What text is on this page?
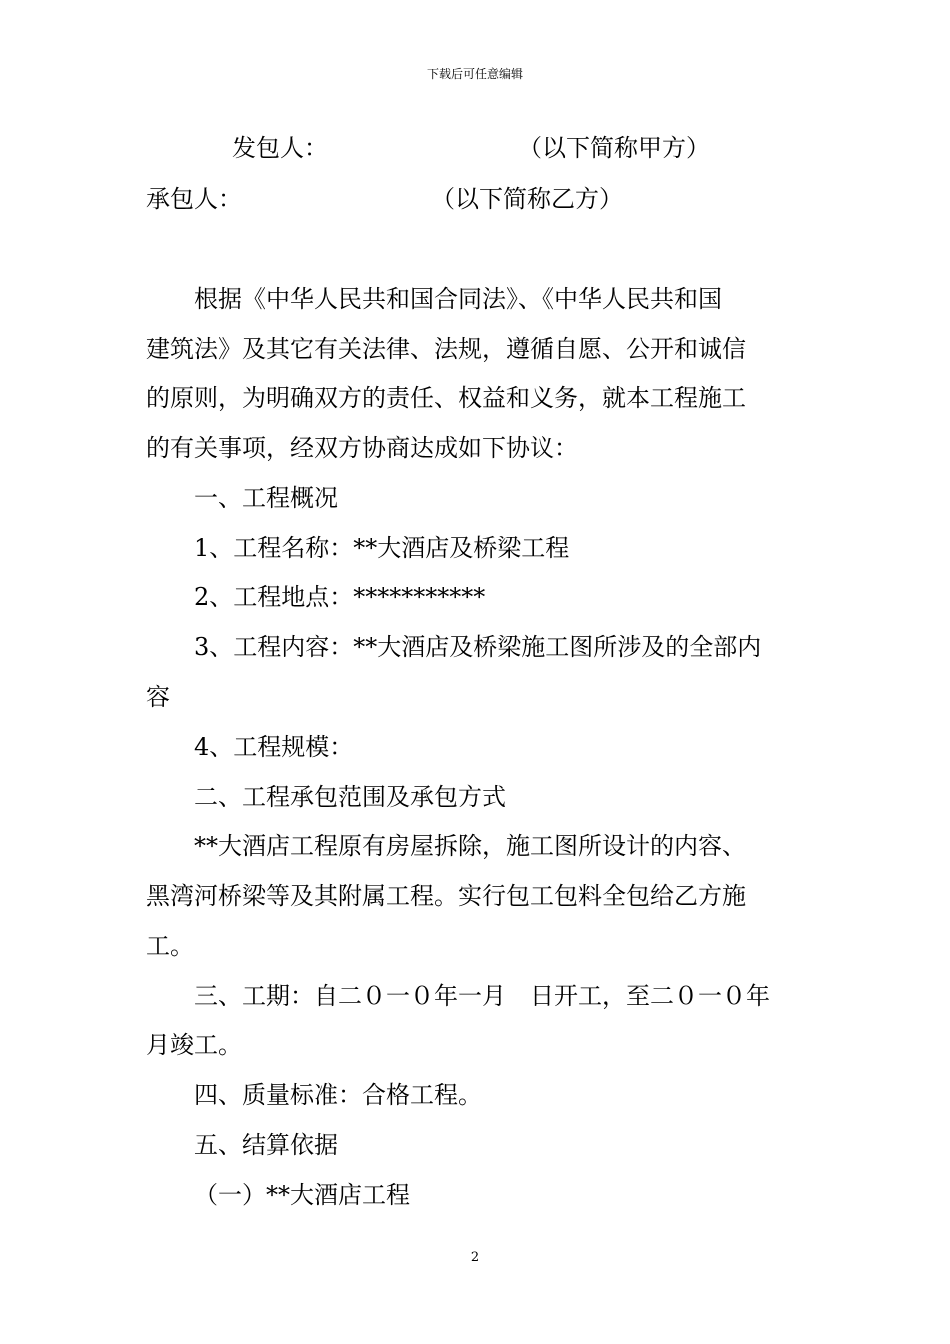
下载后可任意编辑
发包人：	（以下简称甲方）
承包人：	（以下简称乙方）
根据《中华人民共和国合同法》、《中华人民共和国
建筑法》及其它有关法律、法规，遵循自愿、公开和诚信
的原则，为明确双方的责任、权益和义务，就本工程施工
的有关事项，经双方协商达成如下协议：
一、工程概况
1、工程名称：**大酒店及桥梁工程
2、工程地点：***********
3、工程内容：**大酒店及桥梁施工图所涉及的全部内
容
4、工程规模：
二、工程承包范围及承包方式
**大酒店工程原有房屋拆除，施工图所设计的内容、
黑湾河桥梁等及其附属工程。实行包工包料全包给乙方施
工。
三、工期：自二０一０年一月　日开工，至二０一０年
月竣工。
四、质量标准：合格工程。
五、结算依据
（一）**大酒店工程
2
